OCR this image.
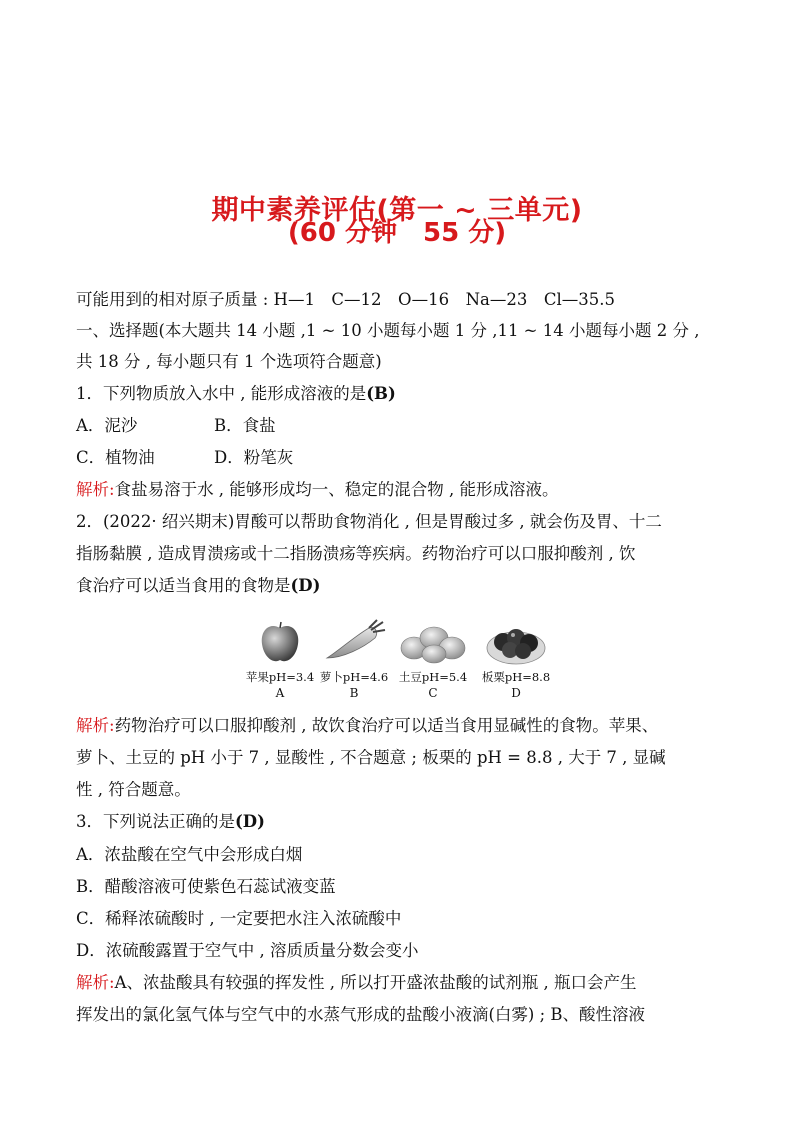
期中素养评估(第一 ~ 三单元)
(60 分钟　55 分)
可能用到的相对原子质量 : H—1　C—12　O—16　Na—23　Cl—35.5
一、选择题(本大题共 14 小题 ,1 ~ 10 小题每小题 1 分 ,11 ~ 14 小题每小题 2 分 ,
共 18 分 , 每小题只有 1 个选项符合题意)
1．下列物质放入水中 , 能形成溶液的是(B)
A．泥沙	B．食盐
C．植物油	D．粉笔灰
解析:食盐易溶于水 , 能够形成均一、稳定的混合物 , 能形成溶液。
2．(2022· 绍兴期末)胃酸可以帮助食物消化 , 但是胃酸过多 , 就会伤及胃、十二
指肠黏膜 , 造成胃溃疡或十二指肠溃疡等疾病。药物治疗可以口服抑酸剂 , 饮
食治疗可以适当食用的食物是(D)
苹果pH=3.4
A
萝卜pH=4.6
B
土豆pH=5.4
C
板栗pH=8.8
D
解析:药物治疗可以口服抑酸剂 , 故饮食治疗可以适当食用显碱性的食物。苹果、
萝卜、土豆的 pH 小于 7 , 显酸性 , 不合题意 ; 板栗的 pH = 8.8 , 大于 7 , 显碱
性 , 符合题意。
3．下列说法正确的是(D)
A．浓盐酸在空气中会形成白烟
B．醋酸溶液可使紫色石蕊试液变蓝
C．稀释浓硫酸时 , 一定要把水注入浓硫酸中
D．浓硫酸露置于空气中 , 溶质质量分数会变小
解析:A、浓盐酸具有较强的挥发性 , 所以打开盛浓盐酸的试剂瓶 , 瓶口会产生
挥发出的氯化氢气体与空气中的水蒸气形成的盐酸小液滴(白雾) ; B、酸性溶液
